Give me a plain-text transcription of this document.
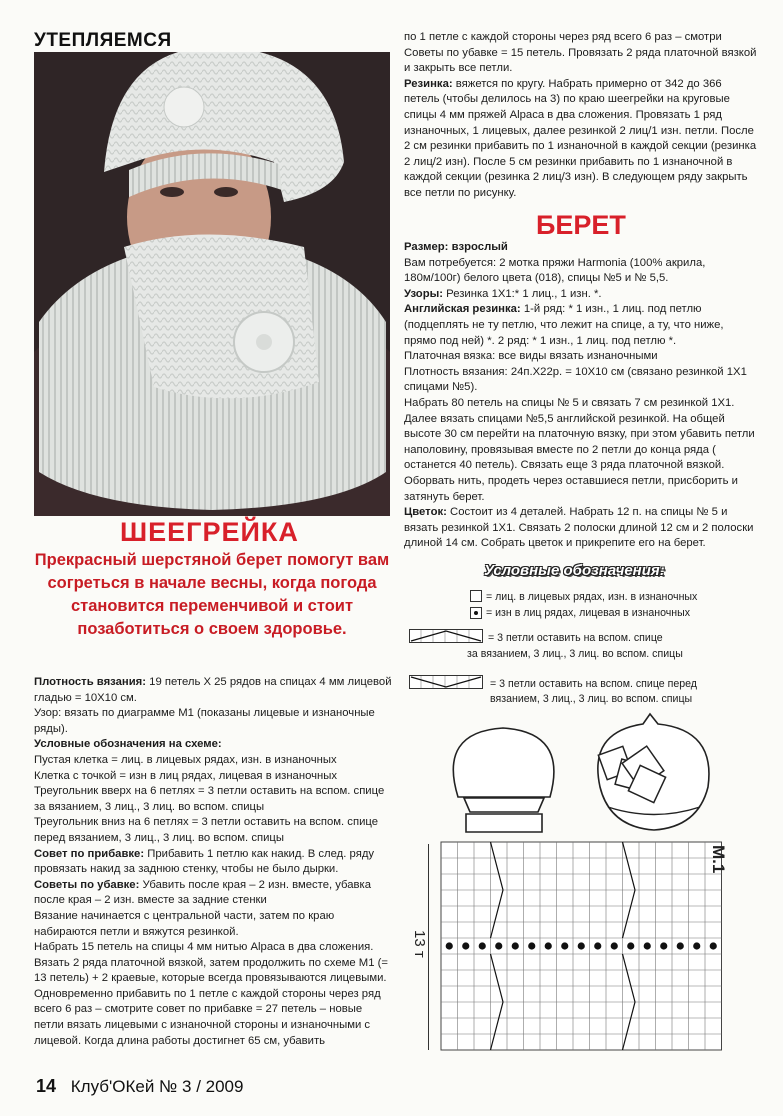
УТЕПЛЯЕМСЯ
ШЕЕГРЕЙКА
Прекрасный шерстяной берет помогут вам согреться в начале весны, когда погода становится переменчивой и стоит позаботиться о своем здоровье.

Плотность вязания: 19 петель X 25 рядов на спицах 4 мм лицевой гладью = 10X10 см.

Узор: вязать по диаграмме М1 (показаны лицевые и изнаночные ряды).

Условные обозначения на схеме:

Пустая клетка = лиц. в лицевых рядах, изн. в изнаночных

Клетка с точкой = изн в лиц рядах, лицевая в изнаночных

Треугольник вверх на 6 петлях = 3 петли оставить на вспом. спице за вязанием, 3 лиц., 3 лиц. во вспом. спицы

Треугольник вниз на 6 петлях = 3 петли оставить на вспом. спице перед вязанием, 3 лиц., 3 лиц. во вспом. спицы

Совет по прибавке: Прибавить 1 петлю как накид. В след. ряду провязать накид за заднюю стенку, чтобы не было дырки.

Советы по убавке: Убавить после края – 2 изн. вместе, убавка после края – 2 изн. вместе за задние стенки

Вязание начинается с центральной части, затем по краю набираются петли и вяжутся резинкой.

Набрать 15 петель на спицы 4 мм нитью Alpaca в два сложения. Вязать 2 ряда платочной вязкой, затем продолжить по схеме М1 (= 13 петель) + 2 краевые, которые всегда провязываются лицевыми. Одновременно прибавить по 1 петле с каждой стороны через ряд всего 6 раз – смотрите совет по прибавке = 27 петель – новые петли вязать лицевыми с изнаночной стороны и изнаночными с лицевой. Когда длина работы достигнет 65 см, убавить

по 1 петле с каждой стороны через ряд всего 6 раз – смотри Советы по убавке = 15 петель. Провязать 2 ряда платочной вязкой и закрыть все петли.

Резинка: вяжется по кругу. Набрать примерно от 342 до 366 петель (чтобы делилось на 3) по краю шеегрейки на круговые спицы 4 мм пряжей Alpaca в два сложения. Провязать 1 ряд изнаночных, 1 лицевых, далее резинкой 2 лиц/1 изн. петли. После 2 см резинки прибавить по 1 изнаночной в каждой секции (резинка 2 лиц/2 изн). После 5 см резинки прибавить по 1 изнаночной в каждой секции (резинка 2 лиц/3 изн). В следующем ряду закрыть все петли по рисунку.

БЕРЕТ

Размер: взрослый

Вам потребуется: 2 мотка пряжи Harmonia (100% акрила, 180м/100г) белого цвета (018), спицы №5 и № 5,5.

Узоры: Резинка 1Х1:* 1 лиц., 1 изн. *.

Английская резинка: 1-й ряд: * 1 изн., 1 лиц. под петлю (подцеплять не ту петлю, что лежит на спице, а ту, что ниже, прямо под ней) *. 2 ряд: * 1 изн., 1 лиц. под петлю *.

Платочная вязка: все виды вязать изнаночными

Плотность вязания: 24п.Х22р. = 10Х10 см (связано резинкой 1Х1 спицами №5).

Набрать 80 петель на спицы № 5 и связать 7 см резинкой 1Х1. Далее вязать спицами №5,5 английской резинкой. На общей высоте 30 см перейти на платочную вязку, при этом убавить петли наполовину, провязывая вместе по 2 петли до конца ряда ( останется 40 петель). Связать еще 3 ряда платочной вязкой. Оборвать нить, продеть через оставшиеся петли, присборить и затянуть берет.

Цветок: Состоит из 4 деталей. Набрать 12 п. на спицы № 5 и вязать резинкой 1Х1. Связать 2 полоски длиной 12 см и 2 полоски длиной 14 см. Собрать цветок и прикрепите его на берет.

Условные обозначения:
= лиц. в лицевых рядах, изн. в изнаночных
= изн в лиц рядах, лицевая в изнаночных
= 3 петли оставить на вспом. спице
за вязанием, 3 лиц., 3 лиц. во вспом. спицы
= 3 петли оставить на вспом. спице перед
вязанием, 3 лиц., 3 лиц. во вспом. спицы
М.1
13 т
14 Клуб'ОКей № 3 / 2009
